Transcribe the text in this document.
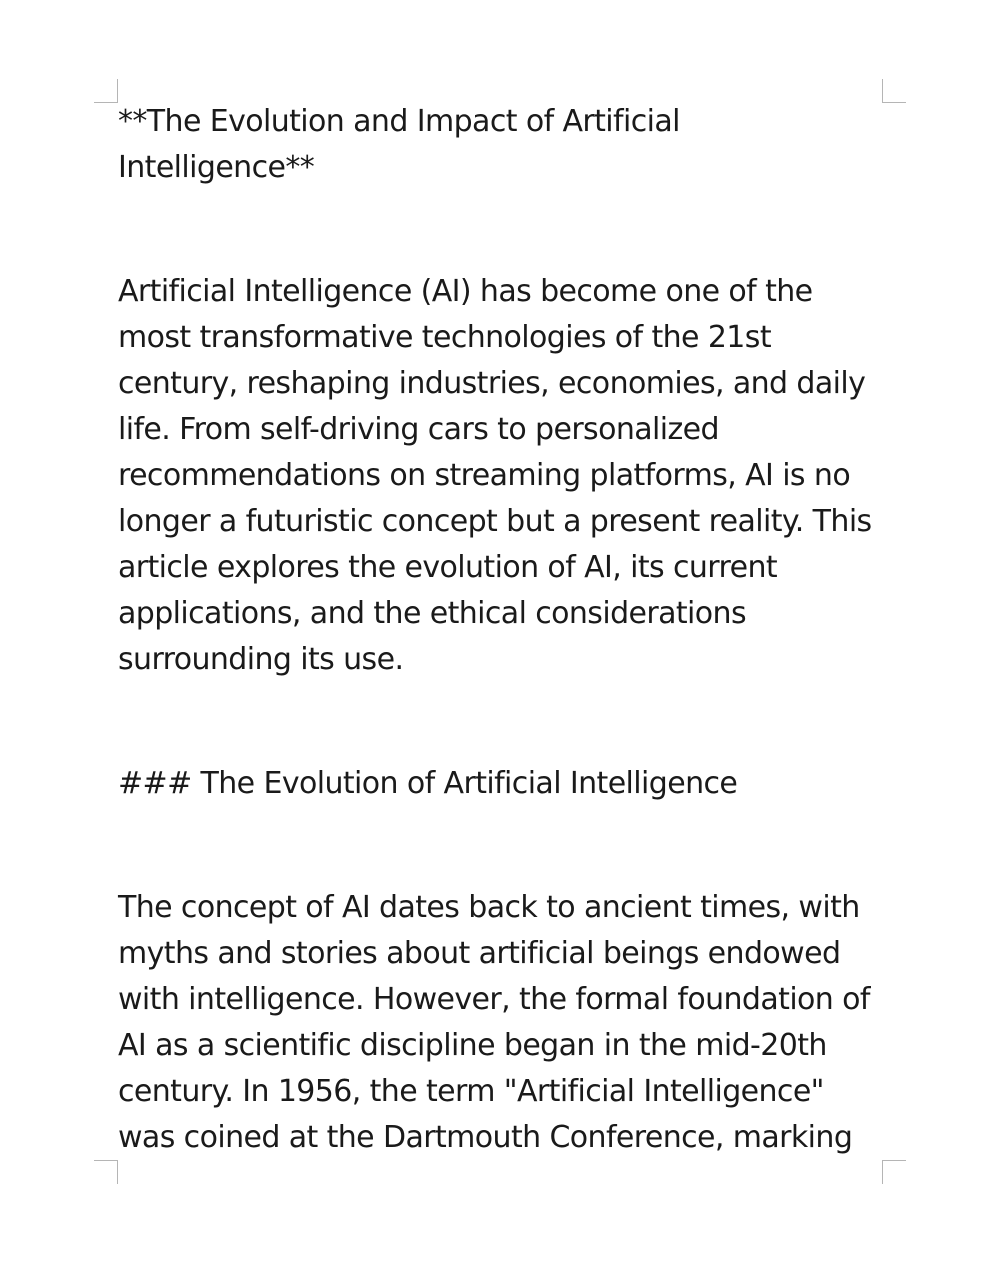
**The Evolution and Impact of Artificial Intelligence**

Artificial Intelligence (AI) has become one of the most transformative technologies of the 21st century, reshaping industries, economies, and daily life. From self-driving cars to personalized recommendations on streaming platforms, AI is no longer a futuristic concept but a present reality. This article explores the evolution of AI, its current applications, and the ethical considerations surrounding its use.

### The Evolution of Artificial Intelligence

The concept of AI dates back to ancient times, with myths and stories about artificial beings endowed with intelligence. However, the formal foundation of AI as a scientific discipline began in the mid-20th century. In 1956, the term "Artificial Intelligence" was coined at the Dartmouth Conference, marking
